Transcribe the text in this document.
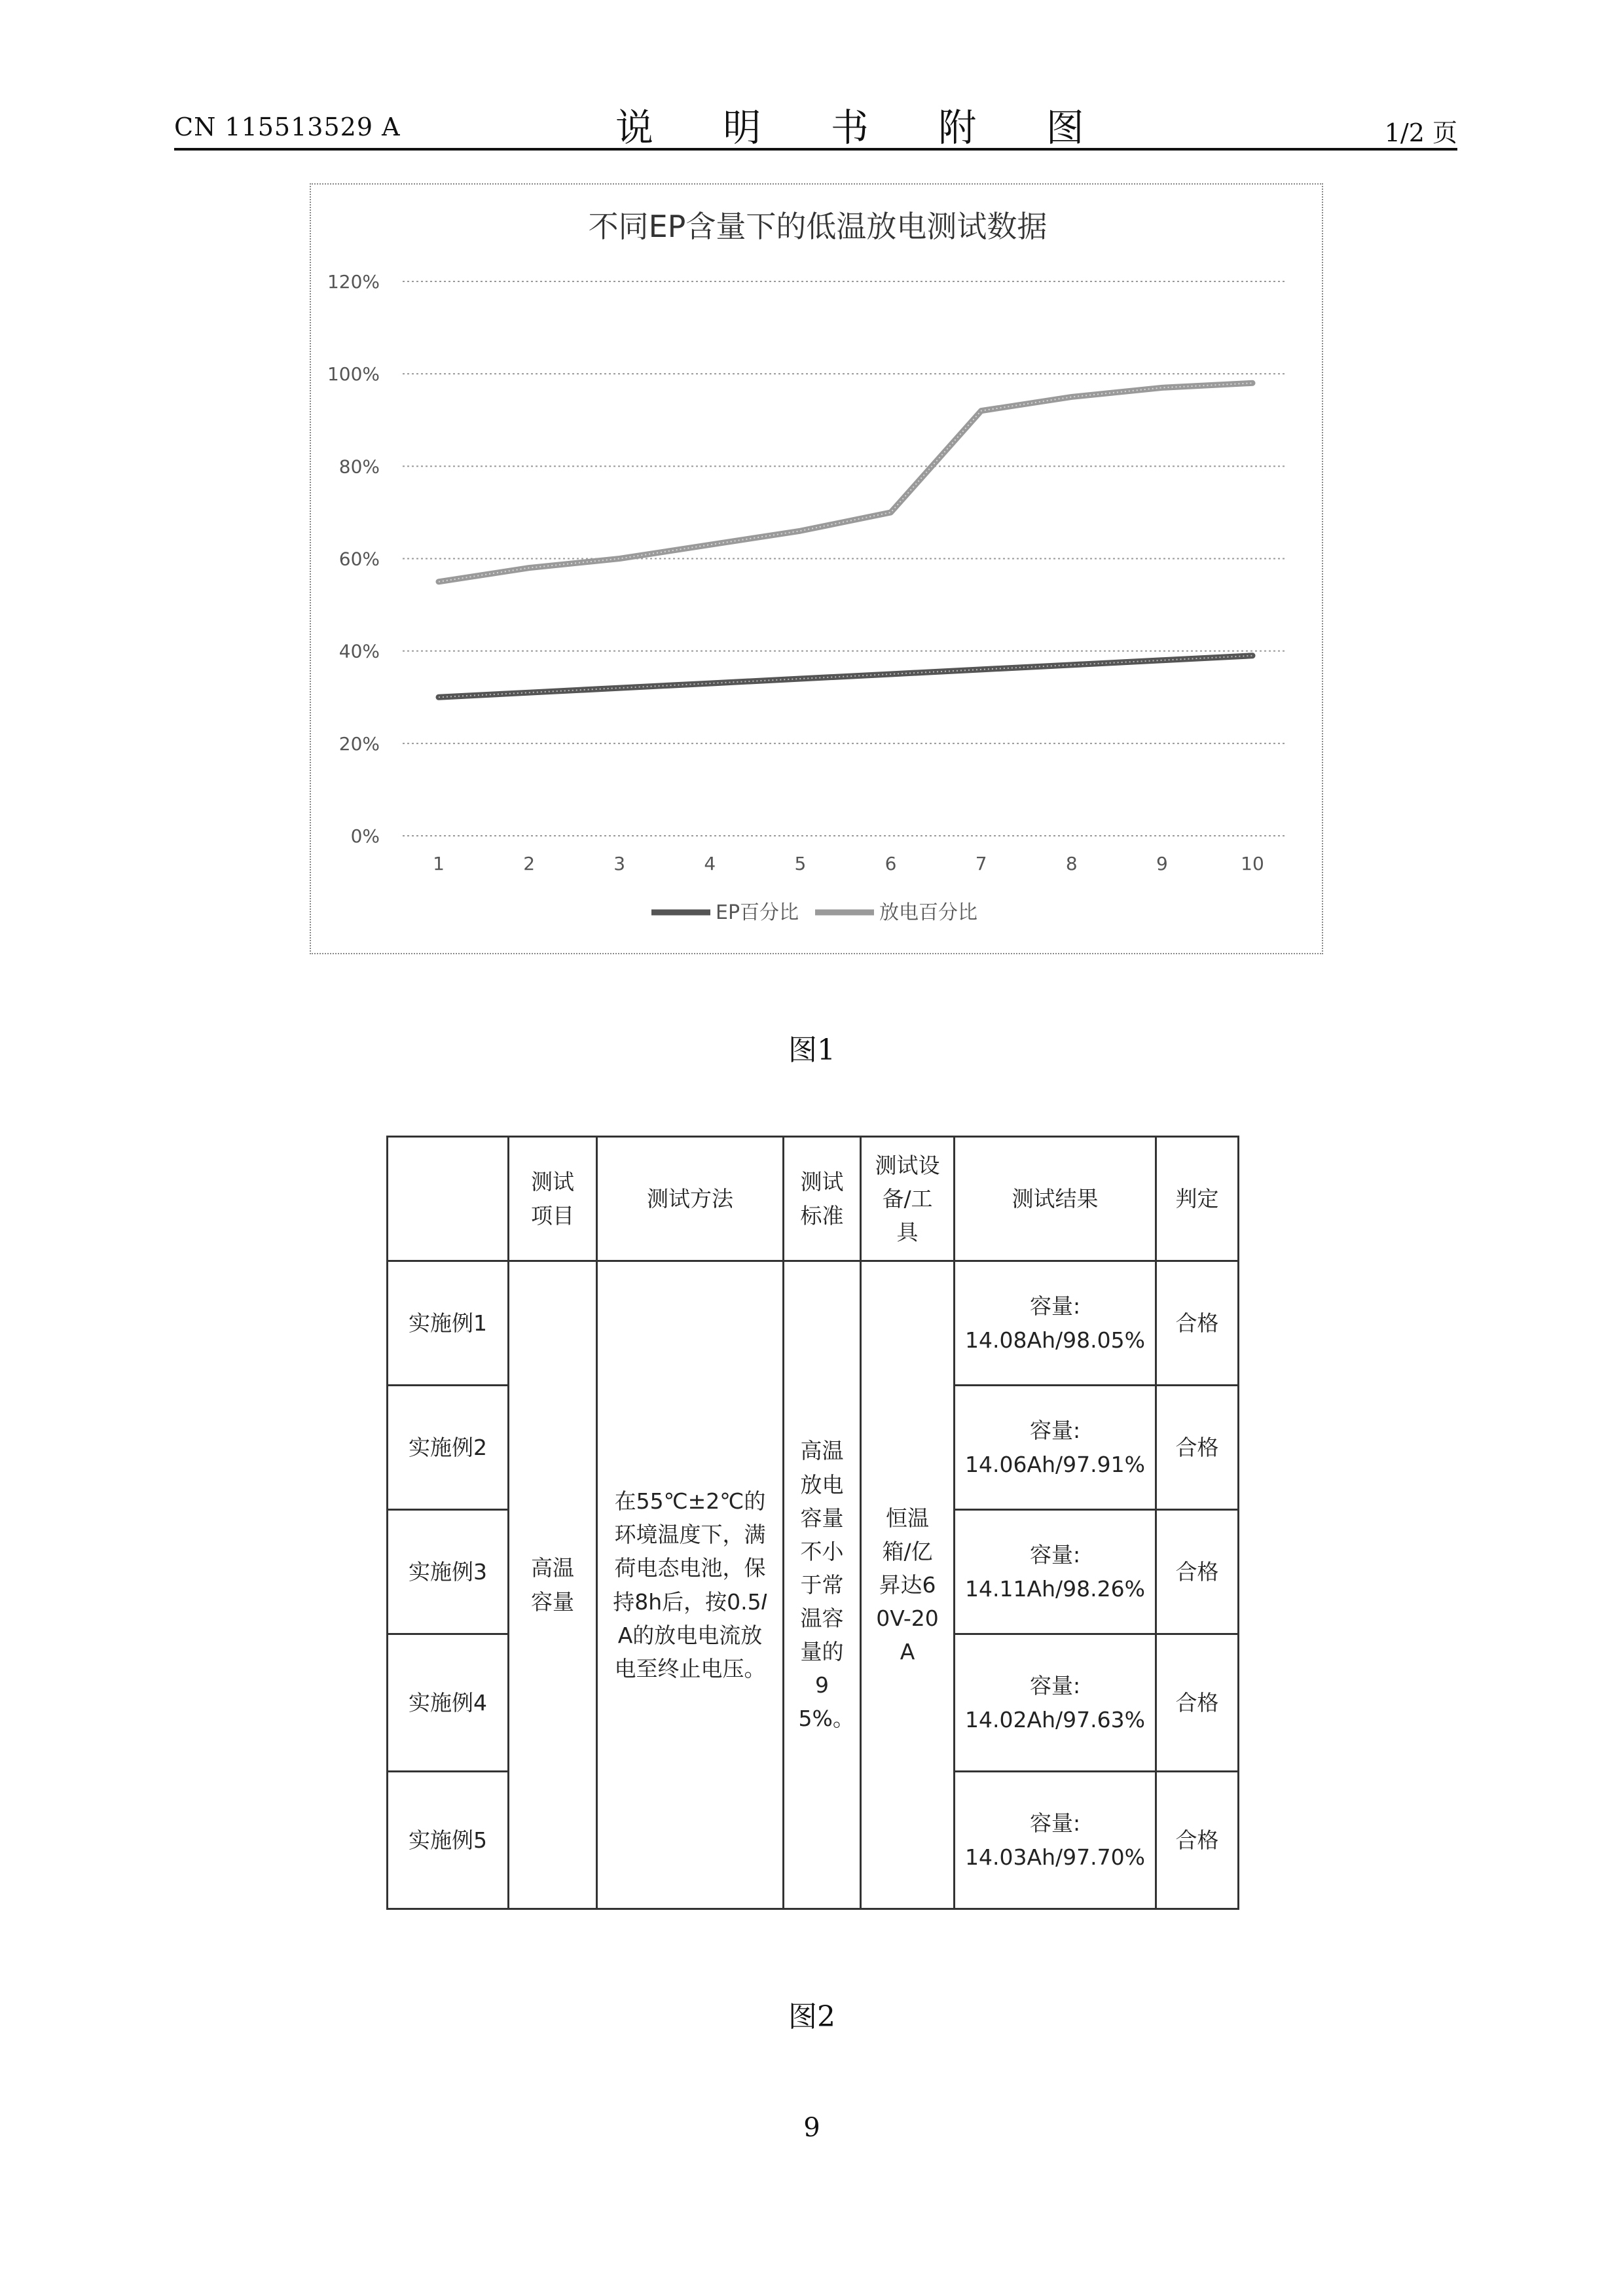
CN 115513529 A	说 明 书 附 图	1/2 页
不同EP含量下的低温放电测试数据
0%
20%
40%
60%
80%
100%
120%
1	2	3	4	5	6	7	8	9	10
EP百分比	放电百分比
图1

	测试项目	测试方法	测试标准	测试设备/工具	测试结果	判定
实施例1	高温容量	在55℃±2℃的环境温度下，满荷电态电池，保持8h后，按0.5𝐼A的放电电流放电至终止电压。	高温放电容量不小于常温容量的95%。	恒温箱/亿昇达60V-20A	容量:
14.08Ah/98.05%	合格
实施例2					容量:
14.06Ah/97.91%	合格
实施例3					容量:
14.11Ah/98.26%	合格
实施例4					容量:
14.02Ah/97.63%	合格
实施例5					容量:
14.03Ah/97.70%	合格
图2
9
